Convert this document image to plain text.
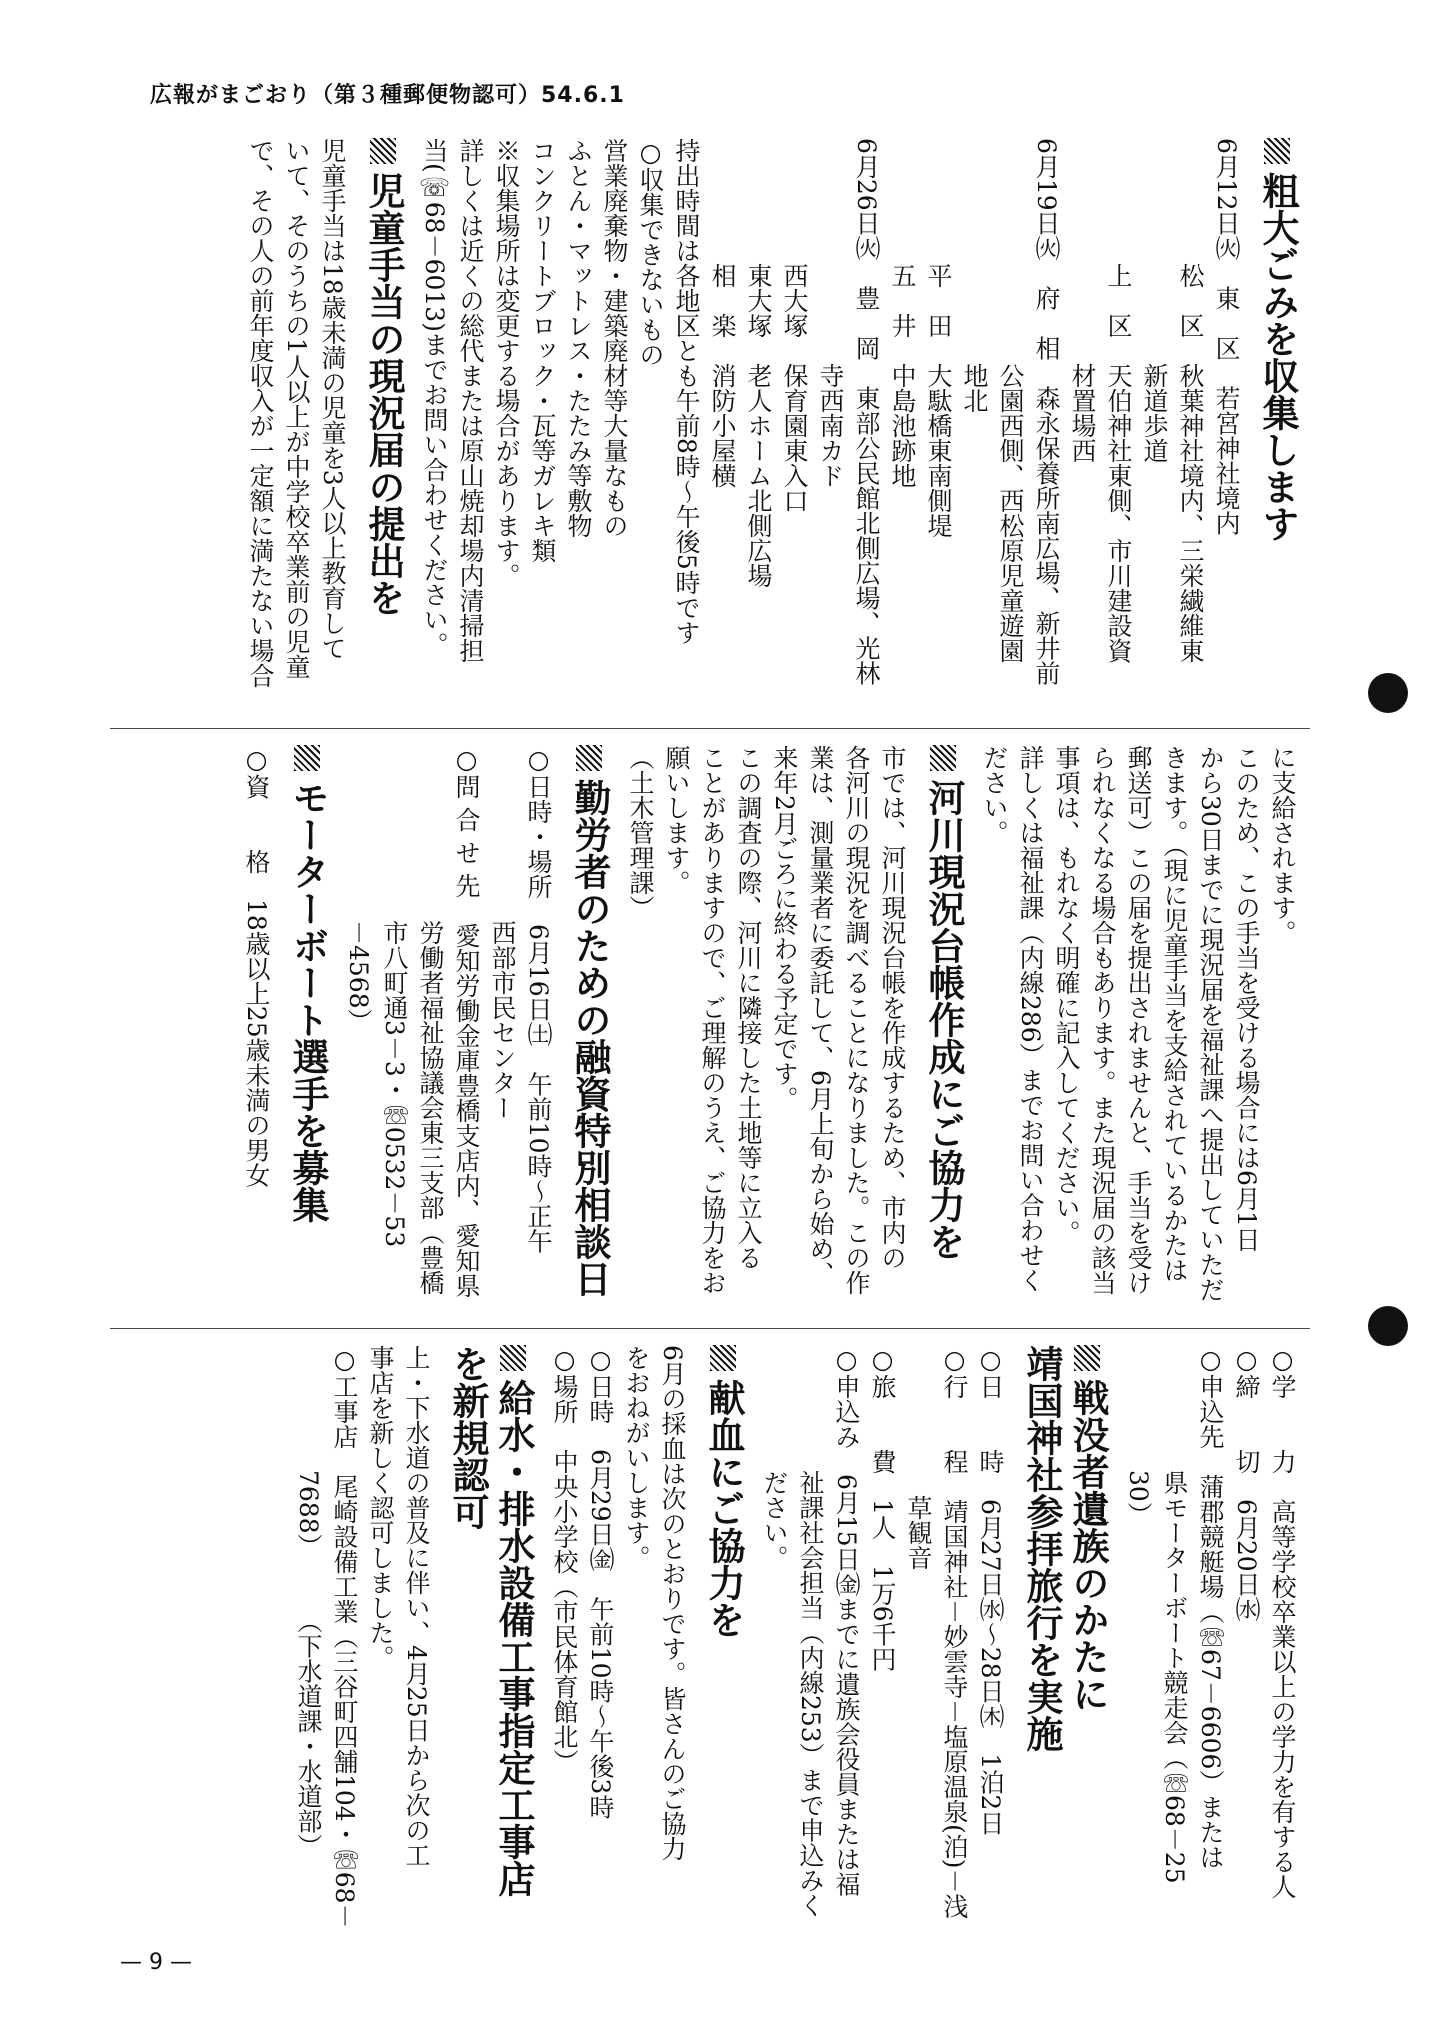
広報がまごおり（第３種郵便物認可）54.6.1
粗大ごみを収集します
6月12日㈫　東　区　若宮神社境内
　　　　　松　区　秋葉神社境内、三栄繊維東
　　　　　　　　　新道歩道
　　　　　上　区　天伯神社東側、市川建設資
　　　　　　　　　材置場西
6月19日㈫　府　相　森永保養所南広場、新井前
　　　　　　　　　公園西側、西松原児童遊園
　　　　　　　　　地北
　　　　　平　田　大駄橋東南側堤
　　　　　五　井　中島池跡地
6月26日㈫　豊　岡　東部公民館北側広場、光林
　　　　　　　　　寺西南カド
　　　　　西大塚　保育園東入口
　　　　　東大塚　老人ホーム北側広場
　　　　　相　楽　消防小屋横
持出時間は各地区とも午前8時～午後5時です
○収集できないもの
営業廃棄物・建築廃材等大量なもの
ふとん・マットレス・たたみ等敷物
コンクリートブロック・瓦等ガレキ類
※収集場所は変更する場合があります。
詳しくは近くの総代または原山焼却場内清掃担
当(☏68－6013)までお問い合わせください。
児童手当の現況届の提出を
児童手当は18歳未満の児童を3人以上教育して
いて、そのうちの1人以上が中学校卒業前の児童
で、その人の前年度収入が一定額に満たない場合
に支給されます。
このため、この手当を受ける場合には6月1日
から30日までに現況届を福祉課へ提出していただ
きます。（現に児童手当を支給されているかたは
郵送可）この届を提出されませんと、手当を受け
られなくなる場合もあります。また現況届の該当
事項は、もれなく明確に記入してください。
詳しくは福祉課（内線286）までお問い合わせく
ださい。
河川現況台帳作成にご協力を
市では、河川現況台帳を作成するため、市内の
各河川の現況を調べることになりました。この作
業は、測量業者に委託して、6月上旬から始め、
来年2月ごろに終わる予定です。
この調査の際、河川に隣接した土地等に立入る
ことがありますので、ご理解のうえ、ご協力をお
願いします。
（土木管理課）
勤労者のための融資特別相談日
○日時・場所　6月16日㈯　午前10時～正午
　　　　　　　西部市民センター
○問 合 せ 先　愛知労働金庫豊橋支店内、愛知県
　　　　　　　労働者福祉協議会東三支部（豊橋
　　　　　　　市八町通3－3・☏0532－53
　　　　　　　－4568）
モーターボート選手を募集
○資　　格　18歳以上25歳未満の男女
○学　　力　高等学校卒業以上の学力を有する人
○締　　切　6月20日㈬
○申込先　蒲郡競艇場（☏67－6606）または
　　　　　県モーターボート競走会（☏68－25
　　　　　30）
戦没者遺族のかたに
靖国神社参拝旅行を実施
○日　　時　6月27日㈬～28日㈭　1泊2日
○行　　程　靖国神社－妙雲寺－塩原温泉(泊)－浅
　　　　　　草観音
○旅　　費　1人　1万6千円
○申込み　6月15日㈮までに遺族会役員または福
　　　　　祉課社会担当（内線253）まで申込みく
　　　　　ださい。
献血にご協力を
6月の採血は次のとおりです。皆さんのご協力
をおねがいします。
○日時　6月29日㈮　午前10時～午後3時
○場所　中央小学校（市民体育館北）
給水・排水設備工事指定工事店
を新規認可
上・下水道の普及に伴い、4月25日から次の工
事店を新しく認可しました。
○工事店　尾崎設備工業（三谷町四舗104・☏68－
　　　　　7688）　　　（下水道課・水道部）
— 9 —
